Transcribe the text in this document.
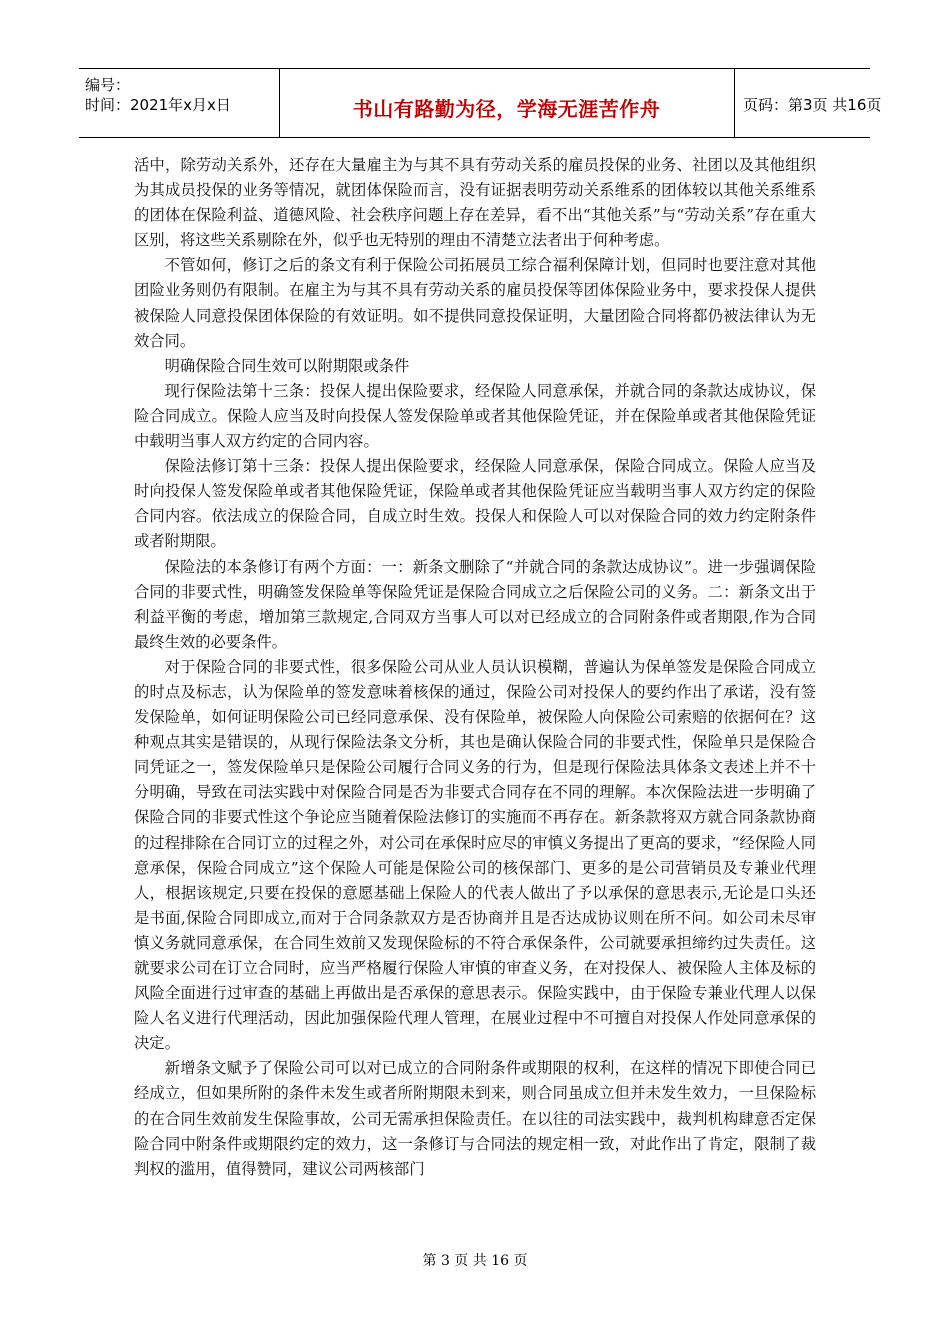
编号：
时间：2021年x月x日	书山有路勤为径，学海无涯苦作舟	页码：第3页 共16页

活中，除劳动关系外，还存在大量雇主为与其不具有劳动关系的雇员投保的业务、社团以及其他组织为其成员投保的业务等情况，就团体保险而言，没有证据表明劳动关系维系的团体较以其他关系维系的团体在保险利益、道德风险、社会秩序问题上存在差异，看不出“其他关系”与“劳动关系”存在重大区别，将这些关系剔除在外，似乎也无特别的理由不清楚立法者出于何种考虑。

不管如何，修订之后的条文有利于保险公司拓展员工综合福利保障计划，但同时也要注意对其他团险业务则仍有限制。在雇主为与其不具有劳动关系的雇员投保等团体保险业务中，要求投保人提供被保险人同意投保团体保险的有效证明。如不提供同意投保证明，大量团险合同将都仍被法律认为无效合同。

明确保险合同生效可以附期限或条件

现行保险法第十三条：投保人提出保险要求，经保险人同意承保，并就合同的条款达成协议，保险合同成立。保险人应当及时向投保人签发保险单或者其他保险凭证，并在保险单或者其他保险凭证中载明当事人双方约定的合同内容。

保险法修订第十三条：投保人提出保险要求，经保险人同意承保，保险合同成立。保险人应当及时向投保人签发保险单或者其他保险凭证，保险单或者其他保险凭证应当载明当事人双方约定的保险合同内容。依法成立的保险合同，自成立时生效。投保人和保险人可以对保险合同的效力约定附条件或者附期限。

保险法的本条修订有两个方面：一：新条文删除了“并就合同的条款达成协议”。进一步强调保险合同的非要式性，明确签发保险单等保险凭证是保险合同成立之后保险公司的义务。二：新条文出于利益平衡的考虑，增加第三款规定,合同双方当事人可以对已经成立的合同附条件或者期限,作为合同最终生效的必要条件。

对于保险合同的非要式性，很多保险公司从业人员认识模糊，普遍认为保单签发是保险合同成立的时点及标志，认为保险单的签发意味着核保的通过，保险公司对投保人的要约作出了承诺，没有签发保险单，如何证明保险公司已经同意承保、没有保险单，被保险人向保险公司索赔的依据何在？这种观点其实是错误的，从现行保险法条文分析，其也是确认保险合同的非要式性，保险单只是保险合同凭证之一，签发保险单只是保险公司履行合同义务的行为，但是现行保险法具体条文表述上并不十分明确，导致在司法实践中对保险合同是否为非要式合同存在不同的理解。本次保险法进一步明确了保险合同的非要式性这个争论应当随着保险法修订的实施而不再存在。新条款将双方就合同条款协商的过程排除在合同订立的过程之外，对公司在承保时应尽的审慎义务提出了更高的要求，“经保险人同意承保，保险合同成立”这个保险人可能是保险公司的核保部门、更多的是公司营销员及专兼业代理人，根据该规定,只要在投保的意愿基础上保险人的代表人做出了予以承保的意思表示,无论是口头还是书面,保险合同即成立,而对于合同条款双方是否协商并且是否达成协议则在所不问。如公司未尽审慎义务就同意承保，在合同生效前又发现保险标的不符合承保条件，公司就要承担缔约过失责任。这就要求公司在订立合同时，应当严格履行保险人审慎的审查义务，在对投保人、被保险人主体及标的风险全面进行过审查的基础上再做出是否承保的意思表示。保险实践中，由于保险专兼业代理人以保险人名义进行代理活动，因此加强保险代理人管理，在展业过程中不可擅自对投保人作处同意承保的决定。

新增条文赋予了保险公司可以对已成立的合同附条件或期限的权利，在这样的情况下即使合同已经成立，但如果所附的条件未发生或者所附期限未到来，则合同虽成立但并未发生效力，一旦保险标的在合同生效前发生保险事故，公司无需承担保险责任。在以往的司法实践中，裁判机构肆意否定保险合同中附条件或期限约定的效力，这一条修订与合同法的规定相一致，对此作出了肯定，限制了裁判权的滥用，值得赞同，建议公司两核部门

第 3 页 共 16 页
